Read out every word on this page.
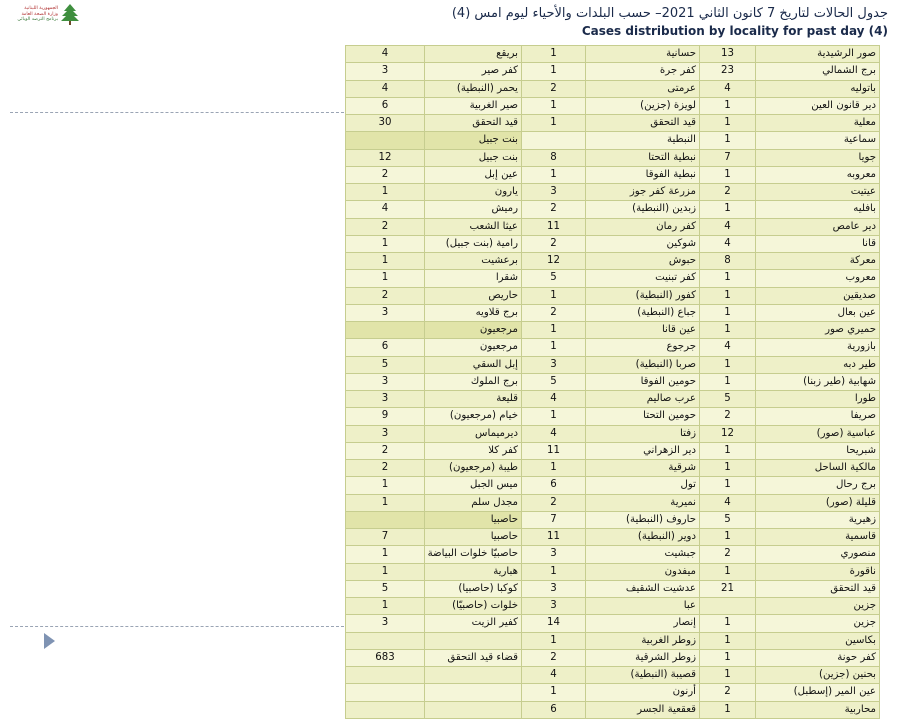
الجمهورية اللبنانية
وزارة الصحة العامة
برنامج الترصد الوبائي	جدول الحالات لتاريخ 7 كانون الثاني 2021– حسب البلدات والأحياء ليوم امس (4)
Cases distribution by locality for past day (4)
4	بريقع	1	حسانية	13	صور الرشيدية
3	كفر صير	1	كفر جرة	23	برج الشمالي
4	يحمر (النبطية)	2	عرمتى	4	باتوليه
6	صير الغربية	1	لويزة (جزين)	1	دير قانون العين
30	قيد التحقق	1	قيد التحقق	1	معلية
	بنت جبيل		النبطية	1	سماعية
12	بنت جبيل	8	نبطية التحتا	7	جويا
2	عين إبل	1	نبطية الفوقا	1	معروبه
1	يارون	3	مزرعة كفر جوز	2	عيتيت
4	رميش	2	زبدين (النبطية)	1	بافليه
2	عيثا الشعب	11	كفر رمان	4	دير عامص
1	رامية (بنت جبيل)	2	شوكين	4	قانا
1	برعشيت	12	حبوش	8	معركة
1	شقرا	5	كفر تبنيت	1	معروب
2	حاريص	1	كفور (النبطية)	1	صديقين
3	برج قلاويه	2	جباع (النبطية)	1	عين بعال
	مرجعيون	1	عين قانا	1	حميري صور
6	مرجعيون	1	جرجوع	4	بازورية
5	إبل السقي	3	صربا (النبطية)	1	طير دبه
3	برج الملوك	5	حومين الفوقا	1	شهابية (طير زبنا)
3	قليعة	4	عرب صاليم	5	طورا
9	خيام (مرجعيون)	1	حومين التحتا	2	صريفا
3	ديرميماس	4	زفتا	12	عباسية (صور)
2	كفر كلا	11	دير الزهراني	1	شبريحا
2	طيبة (مرجعيون)	1	شرقية	1	مالكية الساحل
1	ميس الجبل	6	تول	1	برج رحال
1	مجدل سلم	2	نميرية	4	قليلة (صور)
	حاصبيا	7	حاروف (النبطية)	5	زهيرية
7	حاصبيا	11	دوير (النبطية)	1	قاسمية
1	حاصبيّا خلوات البياضة	3	جبشيت	2	منصوري
1	هبارية	1	ميفدون	1	ناقورة
5	كوكبا (حاصبيا)	3	عدشيت الشقيف	21	قيد التحقق
1	خلوات (حاصبيّا)	3	عبا		جزين
3	كفير الزيت	14	إنصار	1	جزين
		1	زوطر الغربية	1	بكاسين
683	قضاء قيد التحقق	2	زوطر الشرقية	1	كفر حونة
		4	قصيبة (النبطية)	1	بحنين (جزين)
		1	أرنون	2	عين المير (إسطبل)
		6	قعقعية الجسر	1	محاربية
